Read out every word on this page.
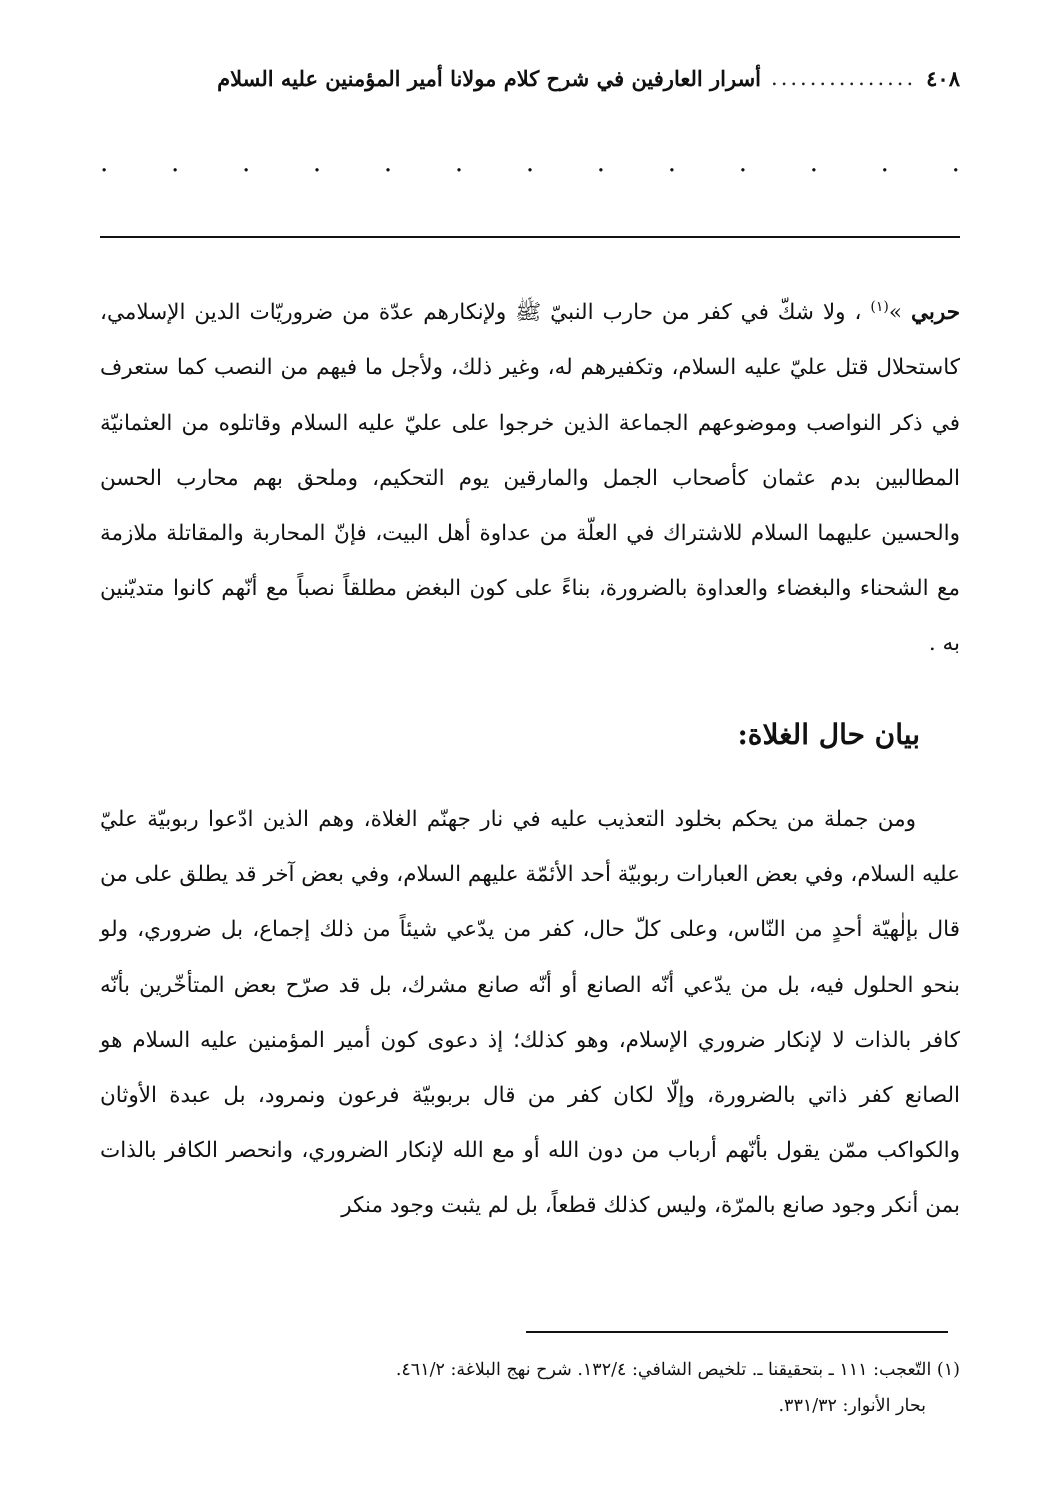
٤٠٨
...............
أسرار العارفين في شرح كلام مولانا أمير المؤمنين عليه السلام
. . . . . . . . . . . . .

حربي »$^{(١)}$ ، ولا شكّ في كفر من حارب النبيّ ﷺ ولإنكارهم عدّة من ضروريّات الدين الإسلامي، كاستحلال قتل عليّ عليه السلام، وتكفيرهم له، وغير ذلك، ولأجل ما فيهم من النصب كما ستعرف في ذكر النواصب وموضوعهم الجماعة الذين خرجوا على عليّ عليه السلام وقاتلوه من العثمانيّة المطالبين بدم عثمان كأصحاب الجمل والمارقين يوم التحكيم، وملحق بهم محارب الحسن والحسين عليهما السلام للاشتراك في العلّة من عداوة أهل البيت، فإنّ المحاربة والمقاتلة ملازمة مع الشحناء والبغضاء والعداوة بالضرورة، بناءً على كون البغض مطلقاً نصباً مع أنّهم كانوا متديّنين به .

بيان حال الغلاة:

ومن جملة من يحكم بخلود التعذيب عليه في نار جهنّم الغلاة، وهم الذين ادّعوا ربوبيّة عليّ عليه السلام، وفي بعض العبارات ربوبيّة أحد الأئمّة عليهم السلام، وفي بعض آخر قد يطلق على من قال بإلٰهيّة أحدٍ من النّاس، وعلى كلّ حال، كفر من يدّعي شيئاً من ذلك إجماع، بل ضروري، ولو بنحو الحلول فيه، بل من يدّعي أنّه الصانع أو أنّه صانع مشرك، بل قد صرّح بعض المتأخّرين بأنّه كافر بالذات لا لإنكار ضروري الإسلام، وهو كذلك؛ إذ دعوى كون أمير المؤمنين عليه السلام هو الصانع كفر ذاتي بالضرورة، وإلّا لكان كفر من قال بربوبيّة فرعون ونمرود، بل عبدة الأوثان والكواكب ممّن يقول بأنّهم أرباب من دون الله أو مع الله لإنكار الضروري، وانحصر الكافر بالذات بمن أنكر وجود صانع بالمرّة، وليس كذلك قطعاً، بل لم يثبت وجود منكر

(١) التّعجب: ١١١ ـ بتحقيقنا ـ. تلخيص الشافي: ١٣٢/٤. شرح نهج البلاغة: ٤٦١/٢.
بحار الأنوار: ٣٣١/٣٢.
